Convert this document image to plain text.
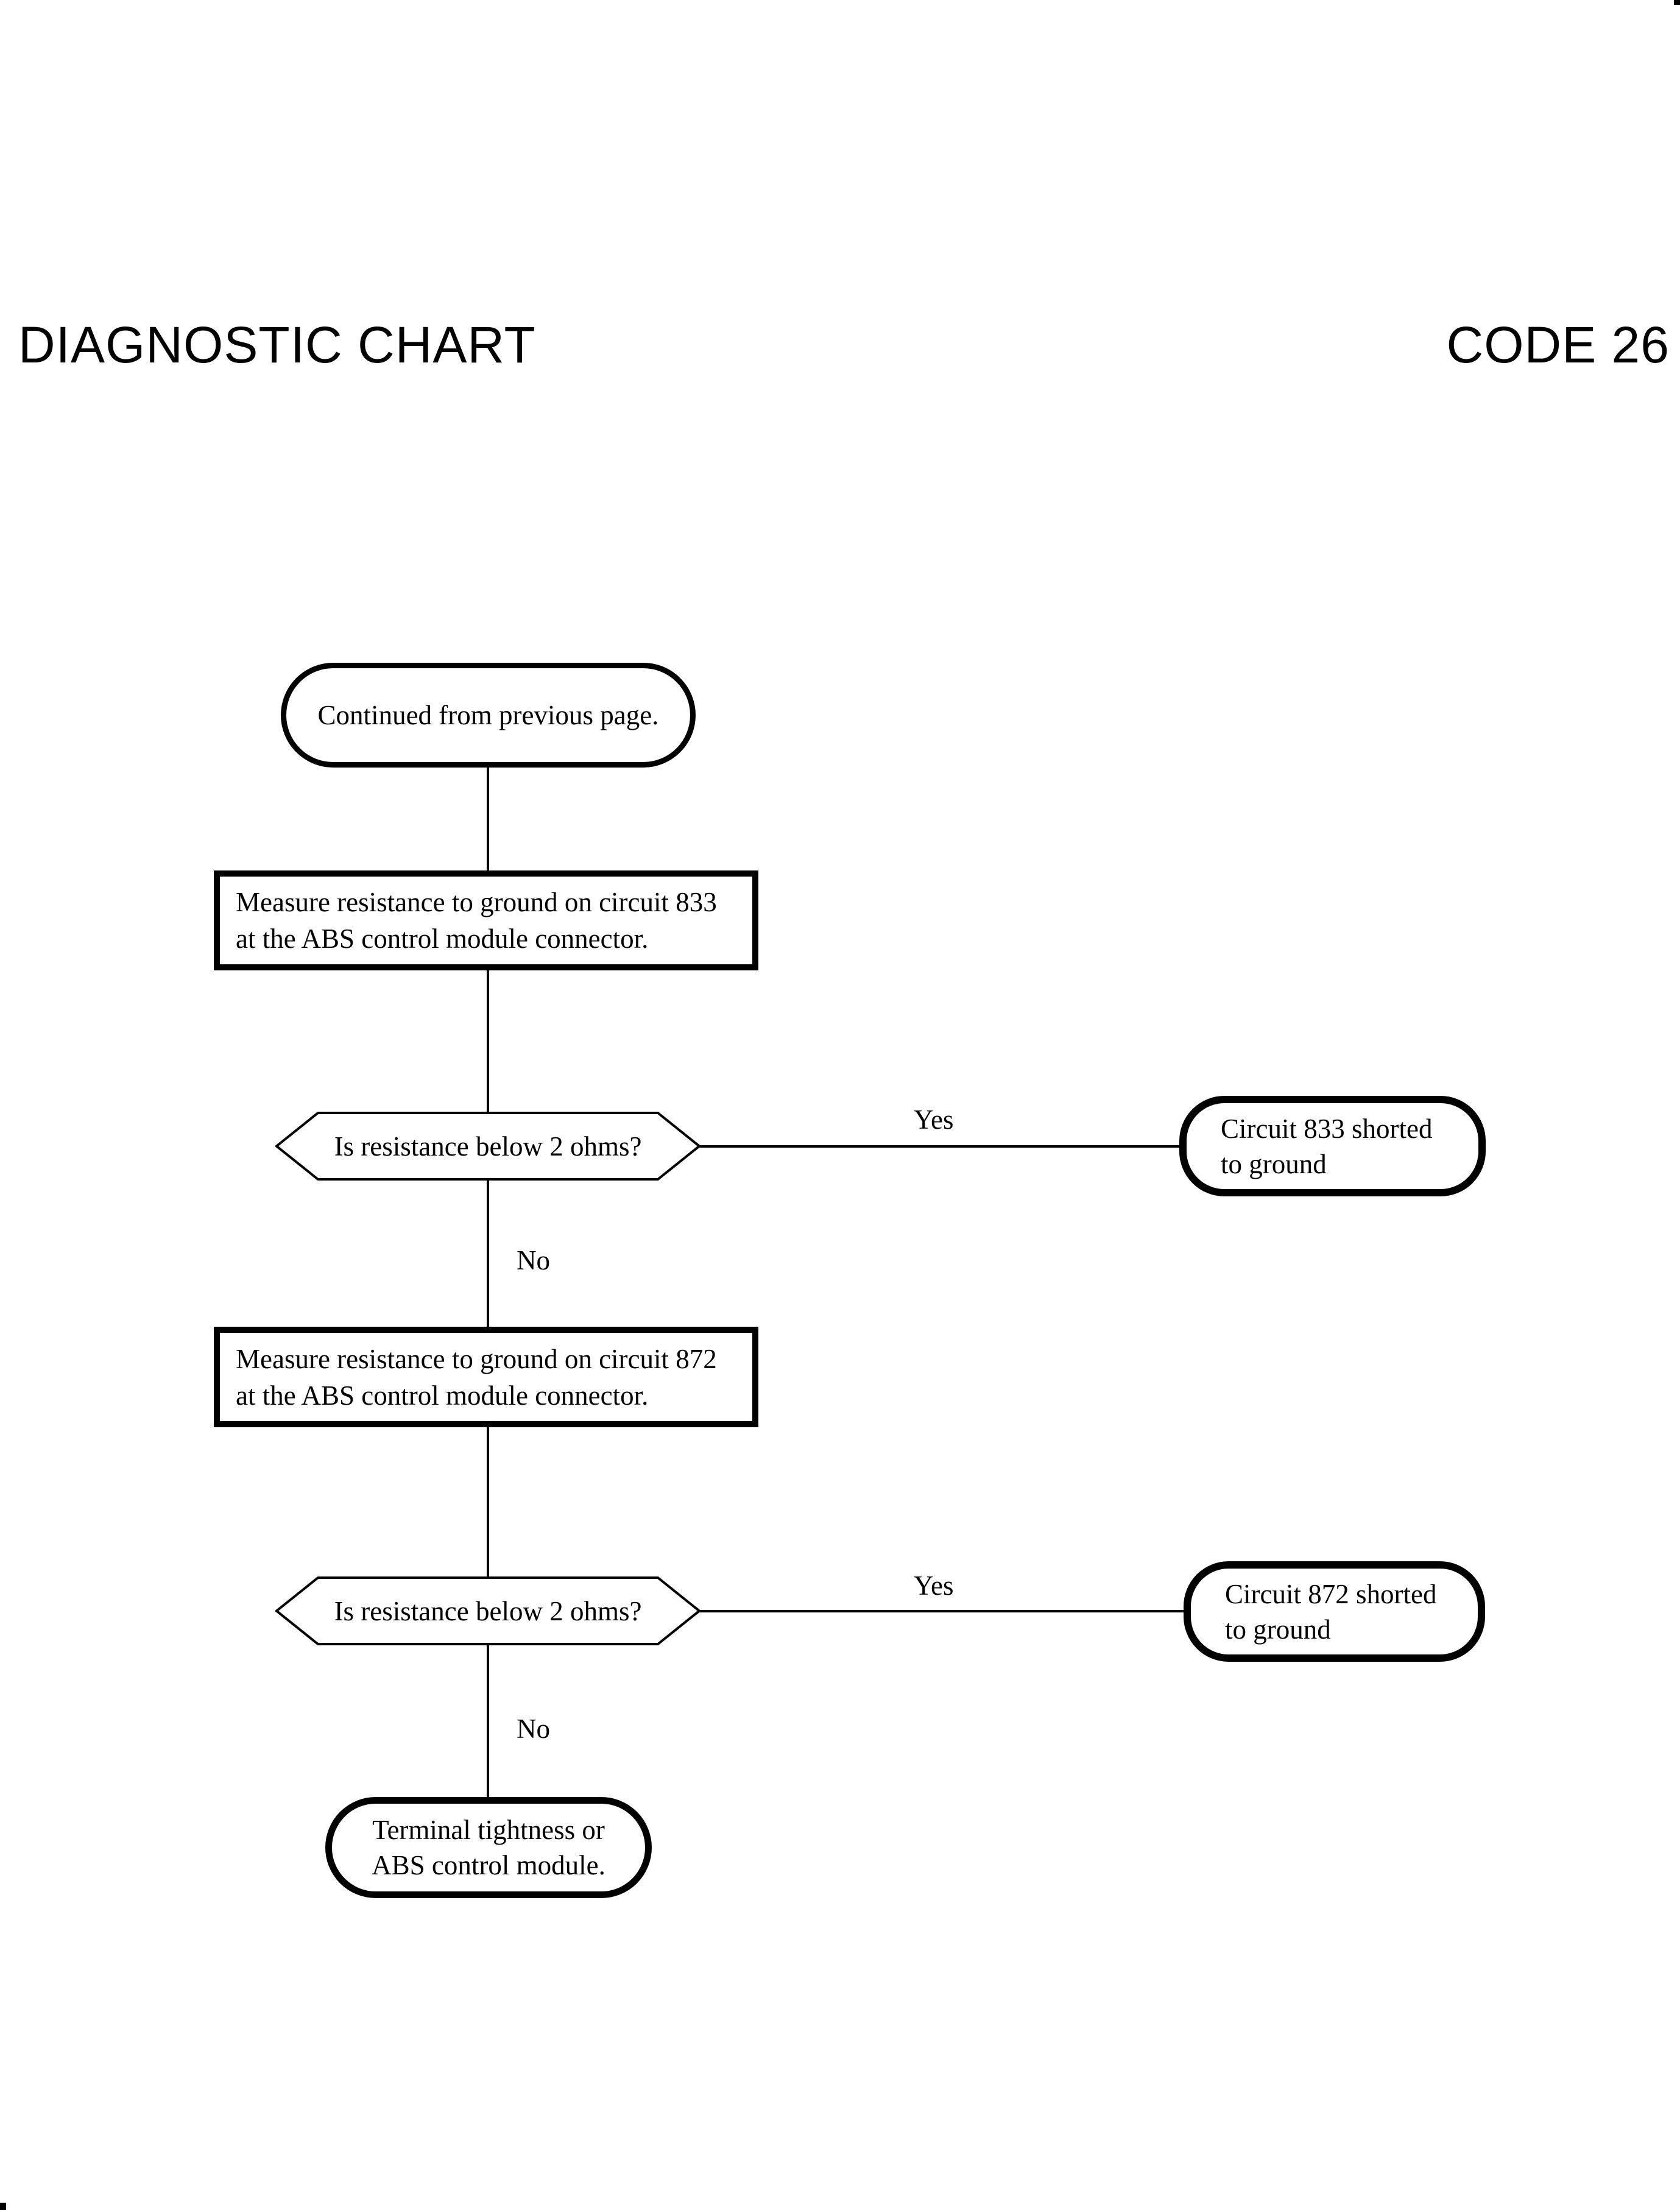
DIAGNOSTIC CHART	CODE 26
Continued from previous page.
Measure resistance to ground on circuit 833
at the ABS control module connector.
Is resistance below 2 ohms?
Yes	Circuit 833 shorted
to ground
No
Measure resistance to ground on circuit 872
at the ABS control module connector.
Is resistance below 2 ohms?
Yes	Circuit 872 shorted
to ground
No
Terminal tightness or
ABS control module.
